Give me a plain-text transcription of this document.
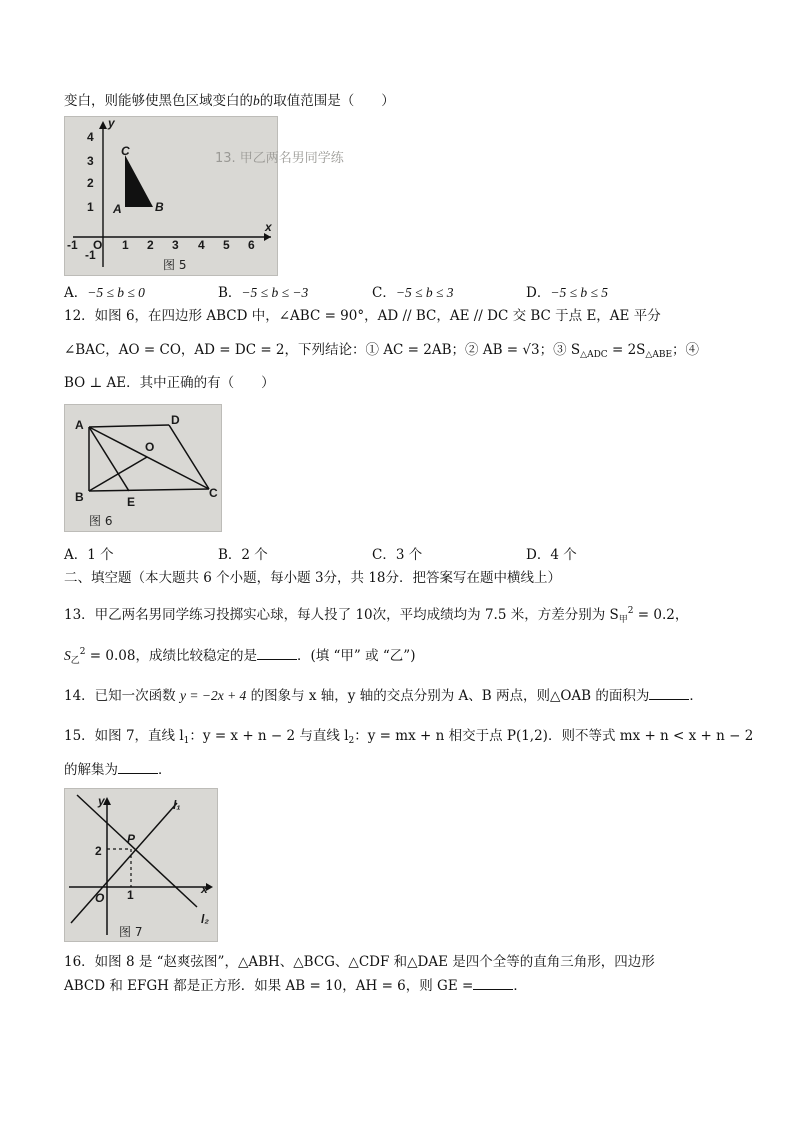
变白，则能够使黑色区域变白的b的取值范围是（　　）
13. 甲乙两名男同学练
-1 O 1 2 3 4 5 6
x
4
3
2
1
-1
y
A	B
C
图 5
A．−5 ≤ b ≤ 0	B．−5 ≤ b ≤ −3	C．−5 ≤ b ≤ 3	D．−5 ≤ b ≤ 5
12．如图 6，在四边形 ABCD 中，∠ABC = 90°，AD // BC，AE // DC 交 BC 于点 E，AE 平分
∠BAC，AO = CO，AD = DC = 2，下列结论：① AC = 2AB；② AB = √3；③ $S_{\triangle ADC} = 2S_{\triangle ABE}$；④
BO ⊥ AE．其中正确的有（　　）
A	D
O
B	E
C
图 6
A．1 个	B．2 个	C．3 个	D．4 个
二、填空题（本大题共 6 个小题，每小题 3分，共 18分．把答案写在题中横线上）
13．甲乙两名男同学练习投掷实心球，每人投了 10次，平均成绩均为 7.5 米，方差分别为 $S_甲^2 = 0.2$，
$S_乙^2 = 0.08$，成绩比较稳定的是	．(填 “甲” 或 “乙”)
14．已知一次函数 y = −2x + 4 的图象与 x 轴，y 轴的交点分别为 A、B 两点，则△OAB 的面积为	．
15．如图 7，直线 $l_1$：y = x + n − 2 与直线 $l_2$：y = mx + n 相交于点 P(1,2)．则不等式 mx + n < x + n − 2
的解集为	．
y	l₁
P
2
O 1	x
l₂
图 7
16．如图 8 是 “赵爽弦图”，△ABH、△BCG、△CDF 和△DAE 是四个全等的直角三角形，四边形
ABCD 和 EFGH 都是正方形．如果 AB = 10，AH = 6，则 GE =	．
